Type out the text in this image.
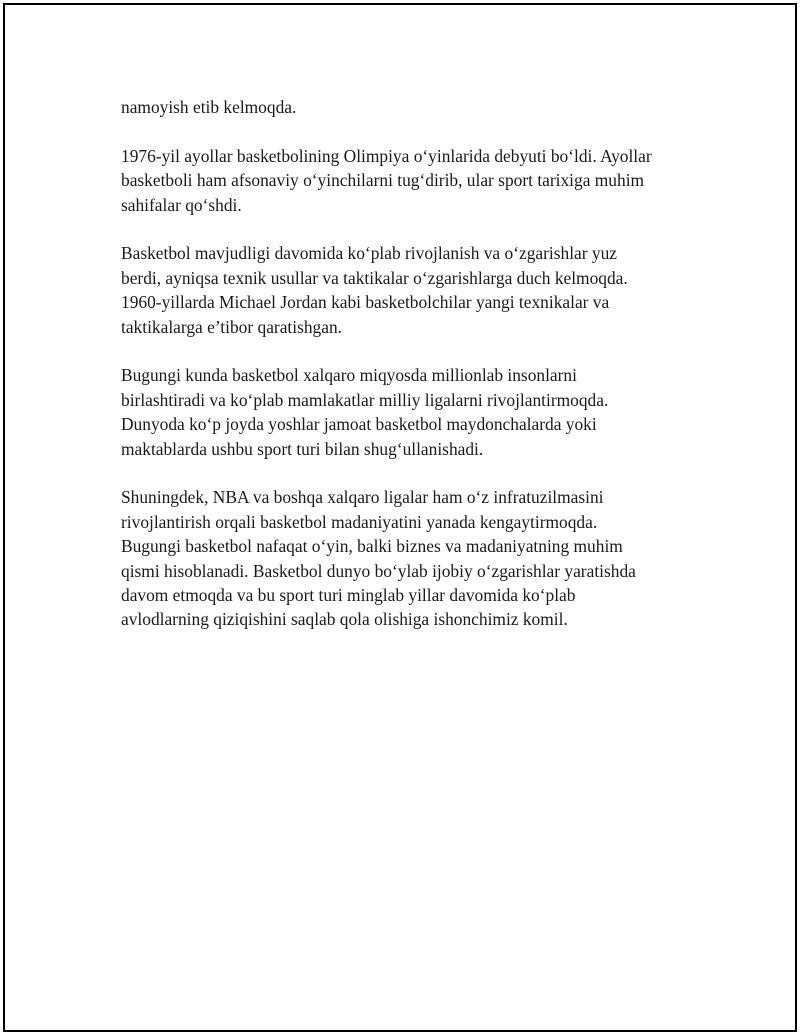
namoyish etib kelmoqda.

1976-yil ayollar basketbolining Olimpiya o‘yinlarida debyuti bo‘ldi. Ayollar
basketboli ham afsonaviy o‘yinchilarni tug‘dirib, ular sport tarixiga muhim
sahifalar qo‘shdi.

Basketbol mavjudligi davomida ko‘plab rivojlanish va o‘zgarishlar yuz
berdi, ayniqsa texnik usullar va taktikalar o‘zgarishlarga duch kelmoqda.
1960-yillarda Michael Jordan kabi basketbolchilar yangi texnikalar va
taktikalarga e’tibor qaratishgan.

Bugungi kunda basketbol xalqaro miqyosda millionlab insonlarni
birlashtiradi va ko‘plab mamlakatlar milliy ligalarni rivojlantirmoqda.
Dunyoda ko‘p joyda yoshlar jamoat basketbol maydonchalarda yoki
maktablarda ushbu sport turi bilan shug‘ullanishadi.

Shuningdek, NBA va boshqa xalqaro ligalar ham o‘z infratuzilmasini
rivojlantirish orqali basketbol madaniyatini yanada kengaytirmoqda.
Bugungi basketbol nafaqat o‘yin, balki biznes va madaniyatning muhim
qismi hisoblanadi. Basketbol dunyo bo‘ylab ijobiy o‘zgarishlar yaratishda
davom etmoqda va bu sport turi minglab yillar davomida ko‘plab
avlodlarning qiziqishini saqlab qola olishiga ishonchimiz komil.
